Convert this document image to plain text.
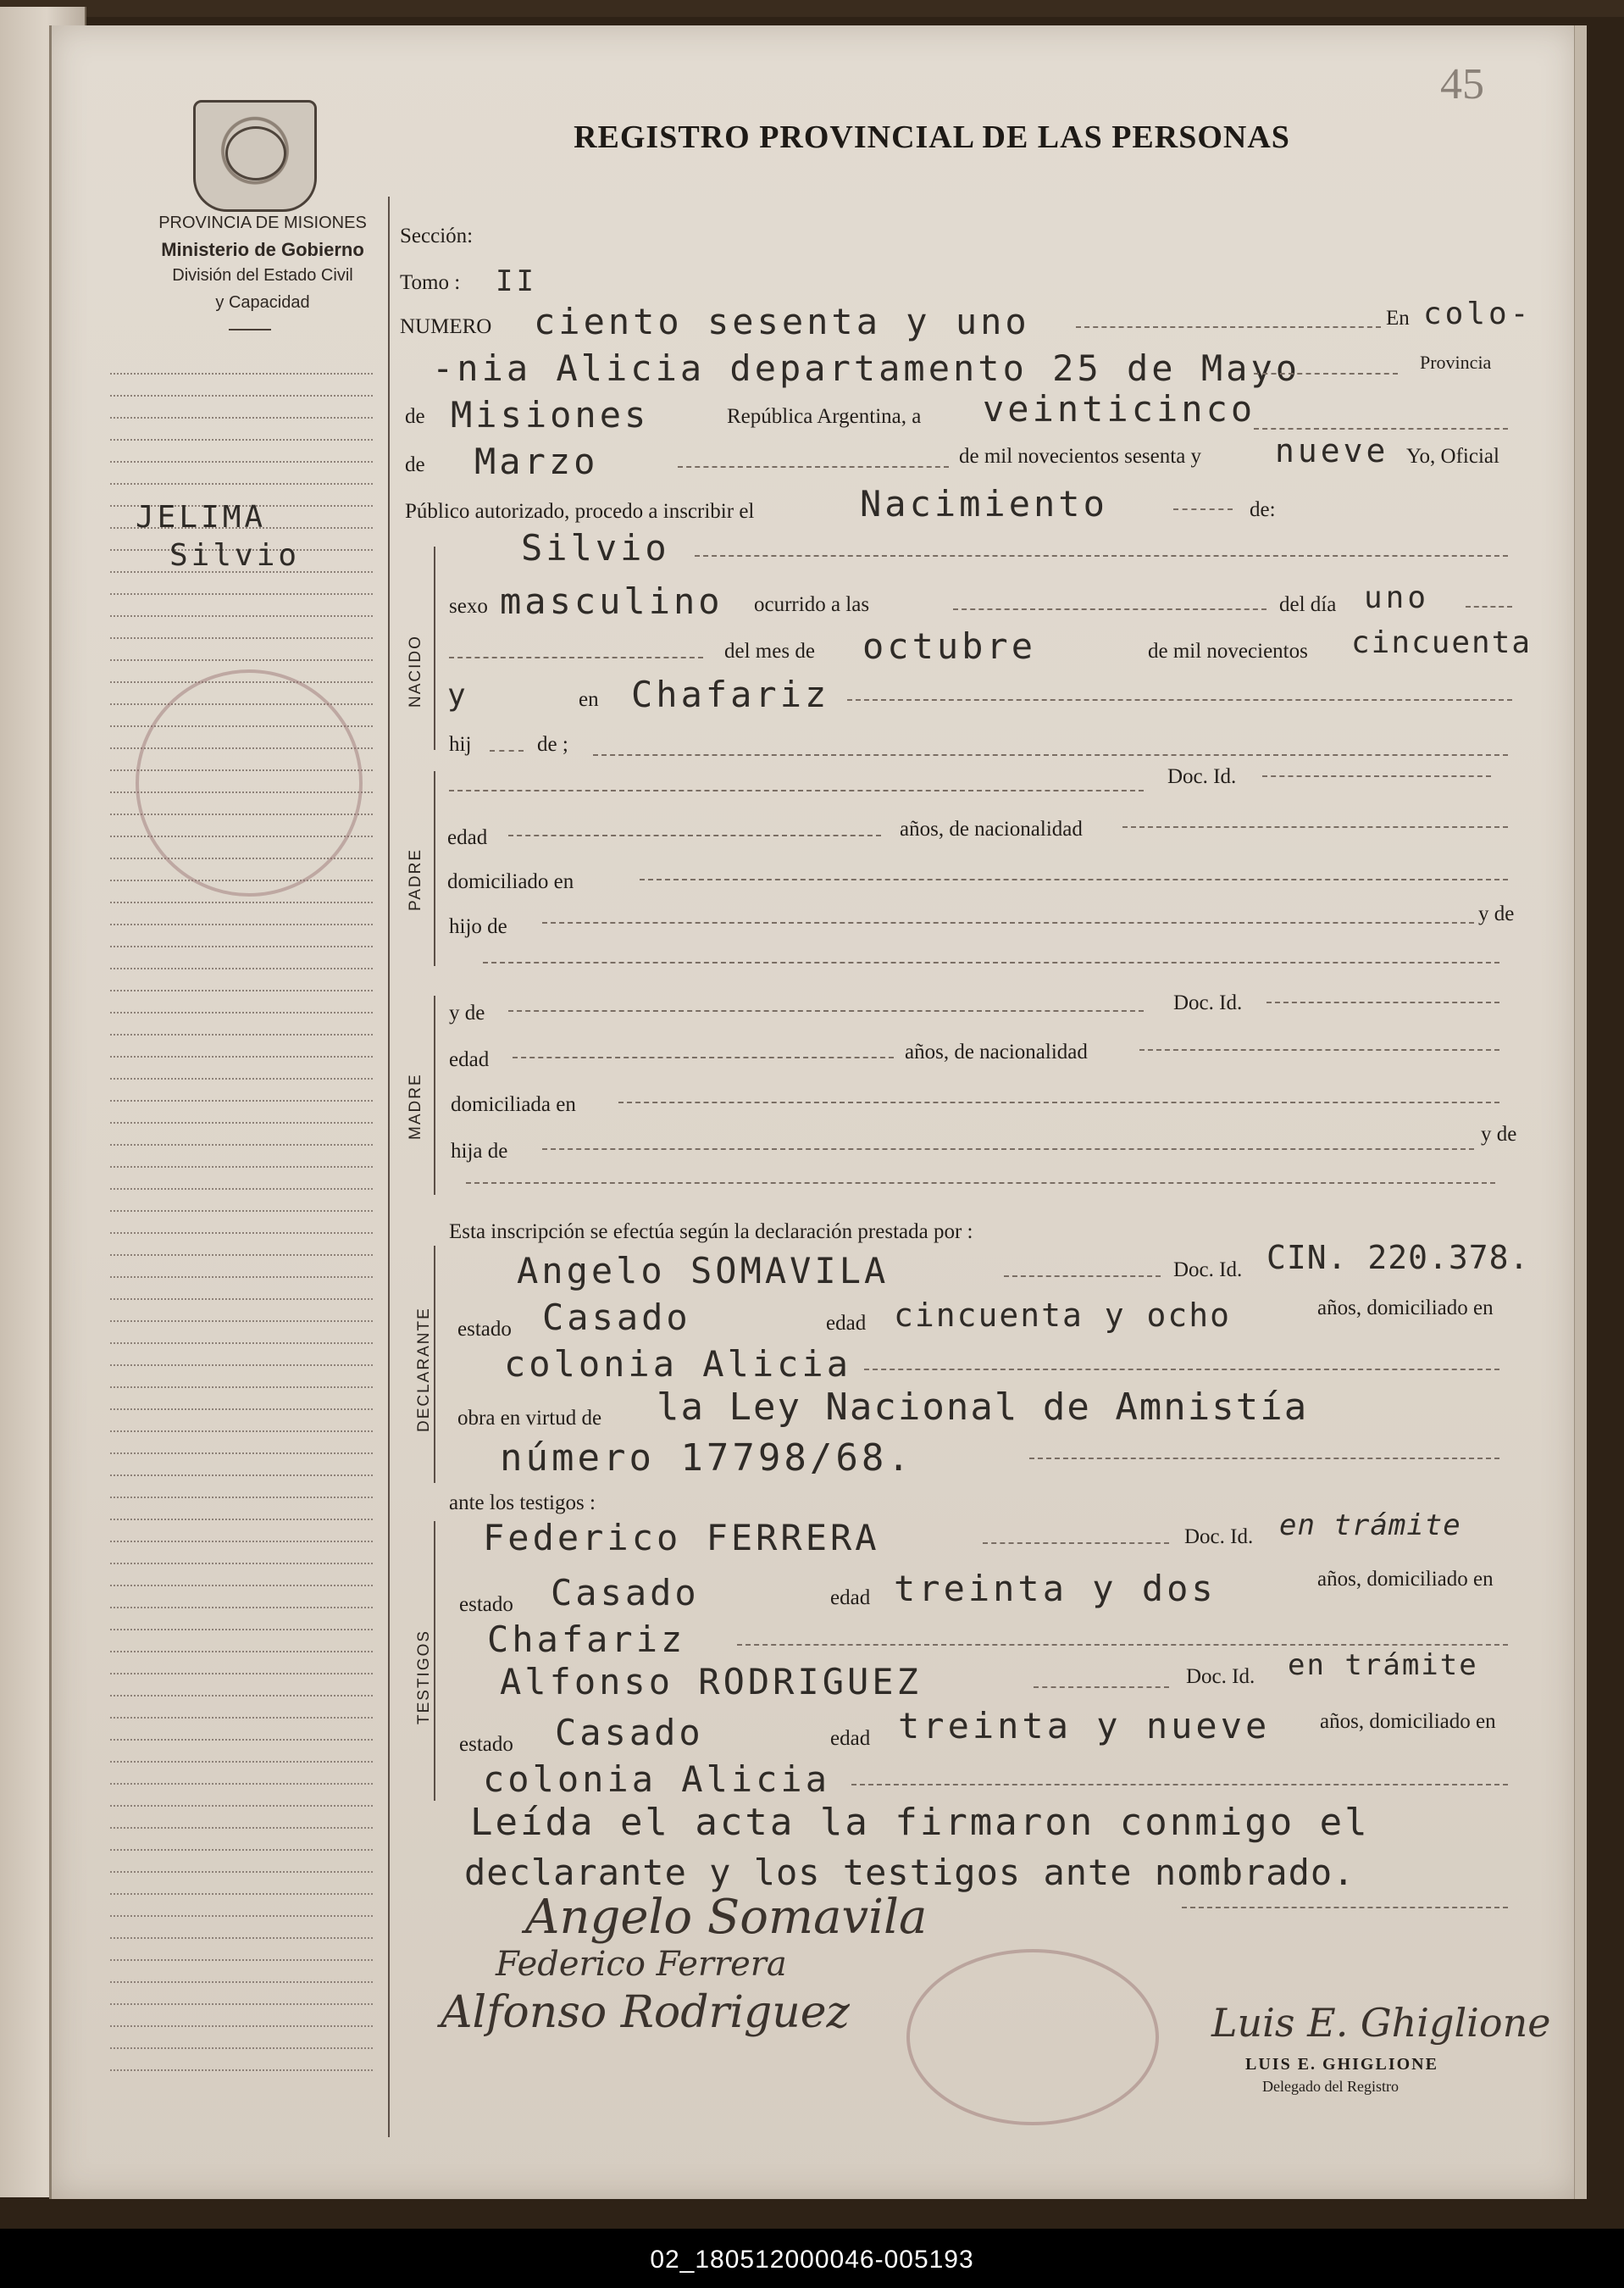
45
PROVINCIA DE MISIONES
Ministerio de Gobierno
División del Estado Civil
y Capacidad
REGISTRO PROVINCIAL DE LAS PERSONAS
JELIMA
Silvio
NACIDO
PADRE
MADRE
DECLARANTE
TESTIGOS
Sección:
Tomo : II
NUMERO ciento sesenta y uno	En colo-
-nia Alicia departamento 25 de Mayo	Provincia
de Misiones	República Argentina, a veinticinco
de Marzo	de mil novecientos sesenta y nueve Yo, Oficial
Público autorizado, procedo a inscribir el	Nacimiento	de:
Silvio
sexo masculino ocurrido a las	del día uno
del mes de octubre	de mil novecientos cincuenta
y	en Chafariz
hij	de ;
Doc. Id.
edad	años, de nacionalidad
domiciliado en
hijo de
y de
y de	Doc. Id.
edad	años, de nacionalidad
domiciliada en
hija de
y de
Esta inscripción se efectúa según la declaración prestada por :
Angelo SOMAVILA	Doc. Id. CIN. 220.378.
estado Casado	edad cincuenta y ocho	años, domiciliado en
colonia Alicia
obra en virtud de la Ley Nacional de Amnistía
número 17798/68.
ante los testigos :
Federico FERRERA	Doc. Id. en trámite
estado Casado	edad treinta y dos	años, domiciliado en
Chafariz
Alfonso RODRIGUEZ	Doc. Id. en trámite
estado Casado	edad treinta y nueve años, domiciliado en
colonia Alicia
Leída el acta la firmaron conmigo el
declarante y los testigos ante nombrado.
Angelo Somavila
Federico Ferrera
Alfonso Rodriguez	Luis E. Ghiglione
LUIS E. GHIGLIONE
Delegado del Registro
02_180512000046-005193
